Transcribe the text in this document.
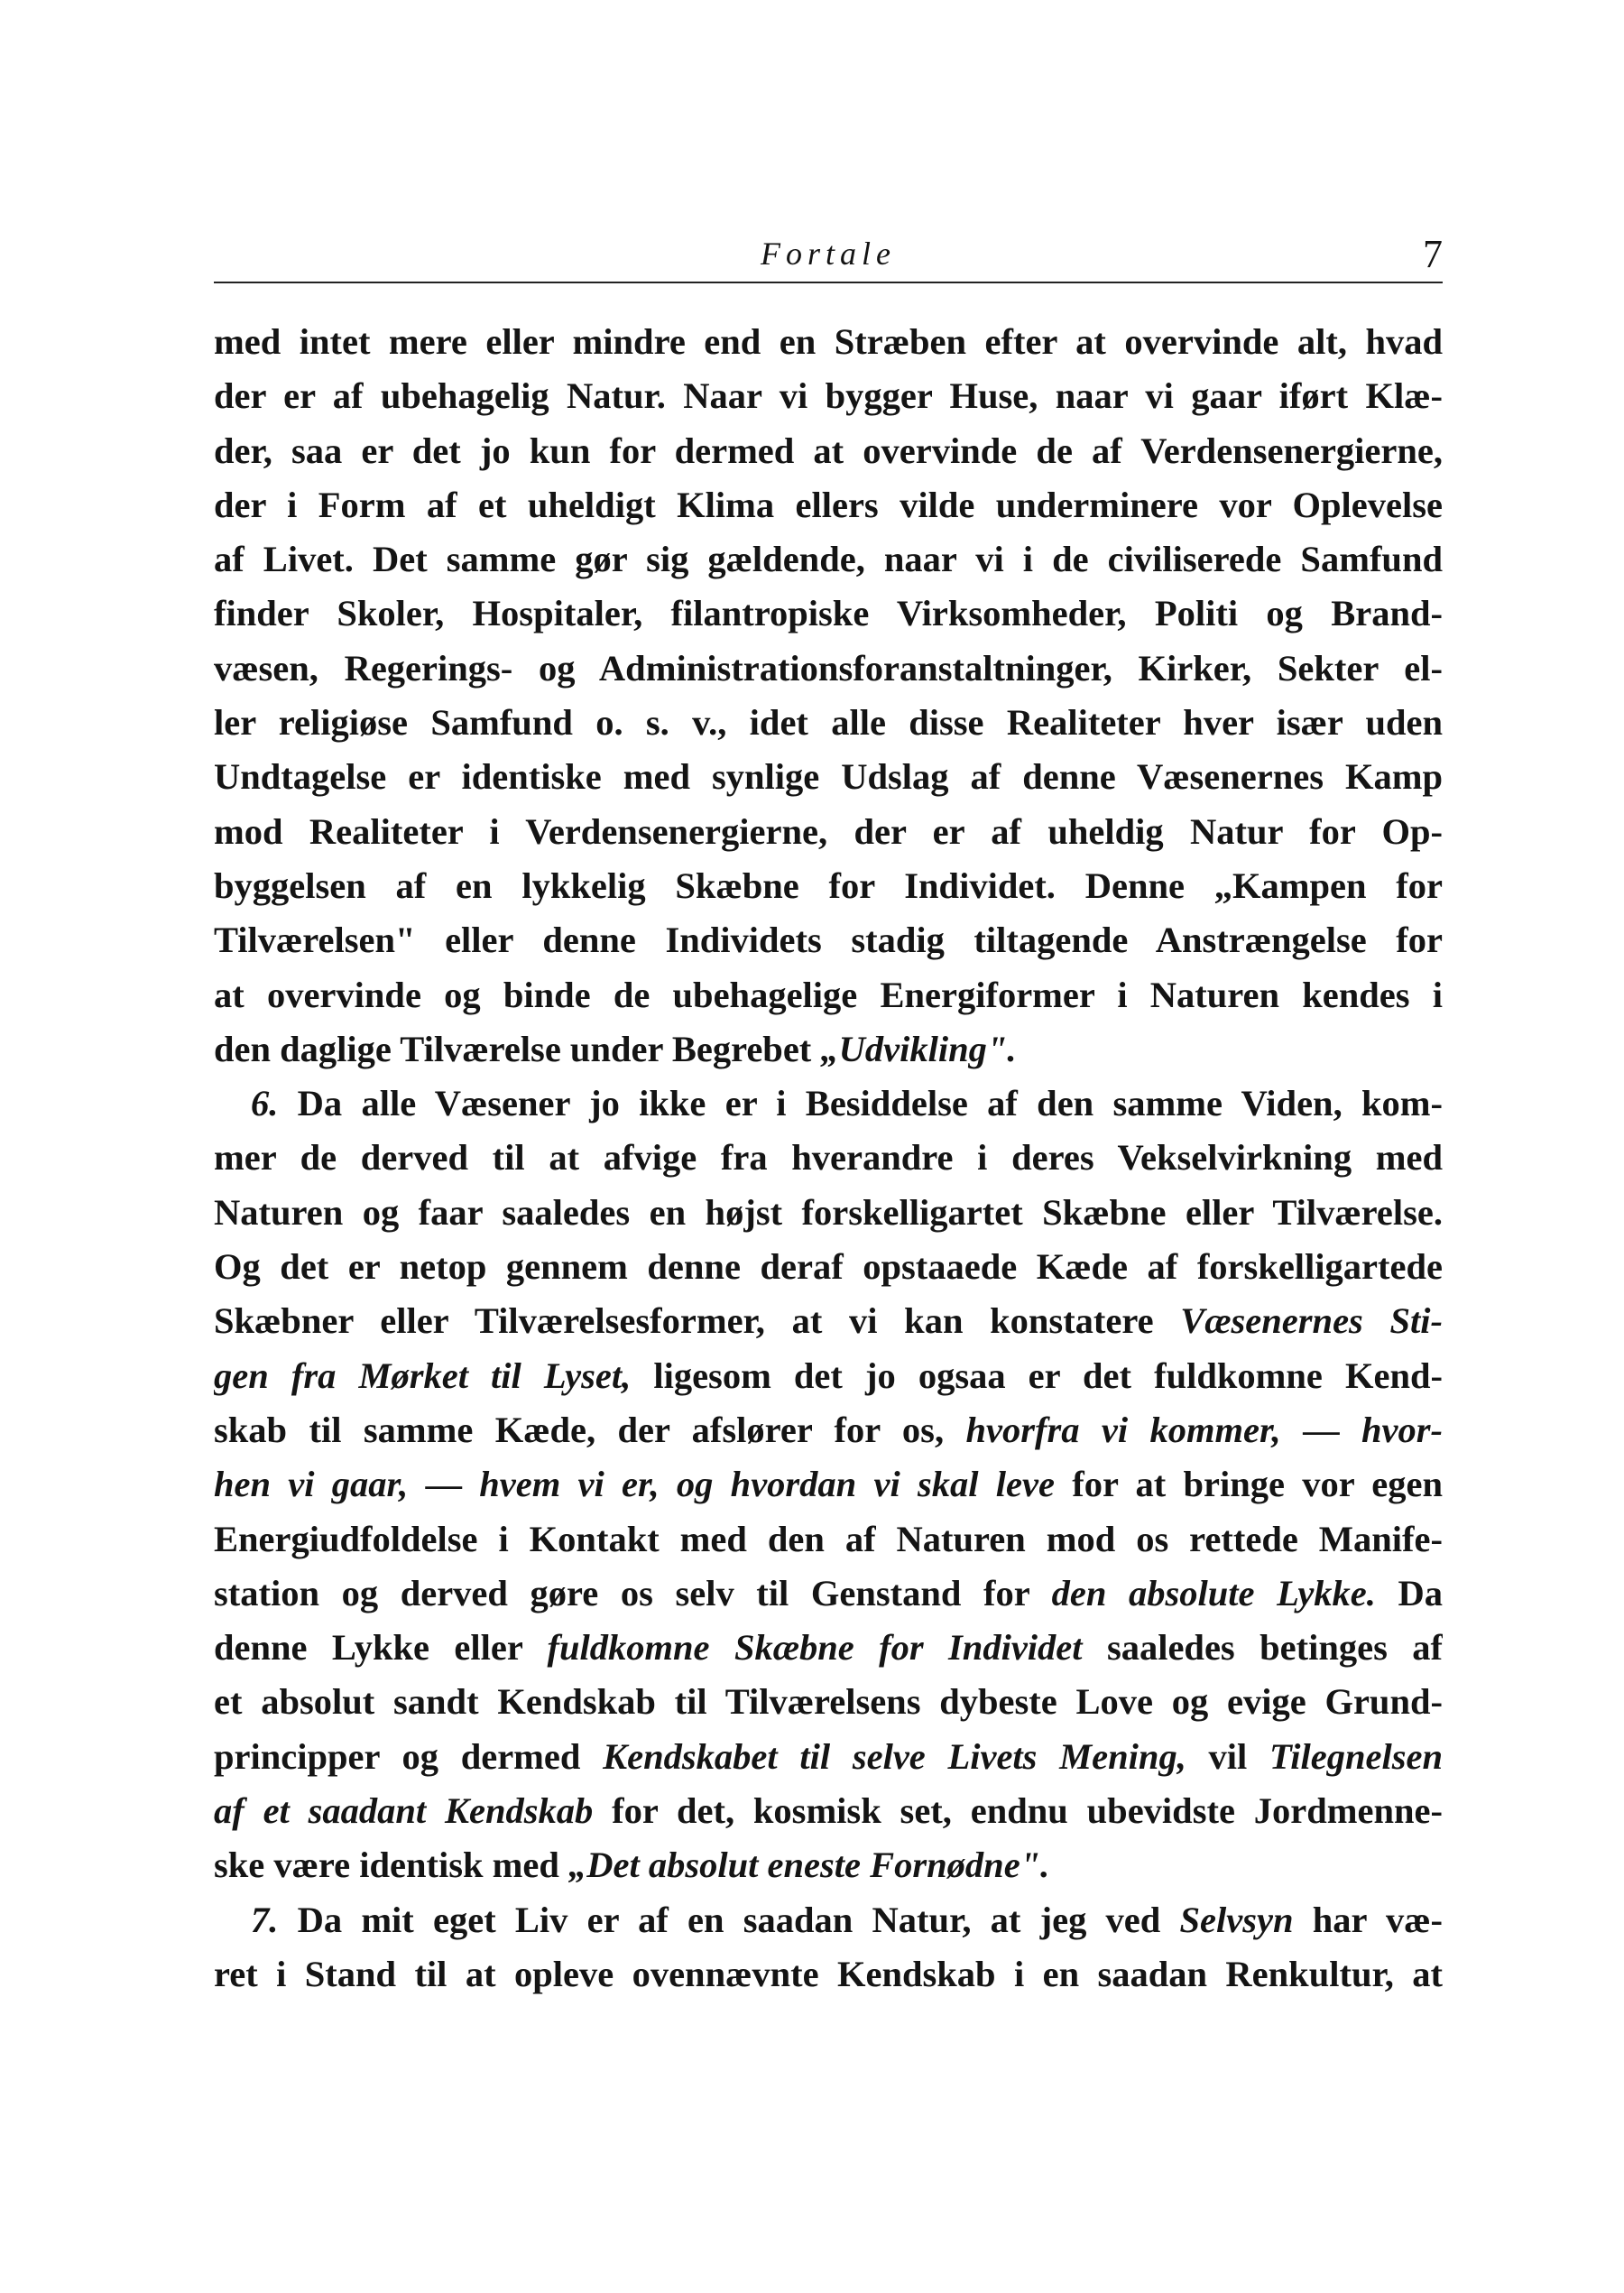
Fortale	7
med intet mere eller mindre end en Stræben efter at overvinde alt, hvad
der er af ubehagelig Natur. Naar vi bygger Huse, naar vi gaar iført Klæ-
der, saa er det jo kun for dermed at overvinde de af Verdensenergierne,
der i Form af et uheldigt Klima ellers vilde underminere vor Oplevelse
af Livet. Det samme gør sig gældende, naar vi i de civiliserede Samfund
finder Skoler, Hospitaler, filantropiske Virksomheder, Politi og Brand-
væsen, Regerings- og Administrationsforanstaltninger, Kirker, Sekter el-
ler religiøse Samfund o. s. v., idet alle disse Realiteter hver især uden
Undtagelse er identiske med synlige Udslag af denne Væsenernes Kamp
mod Realiteter i Verdensenergierne, der er af uheldig Natur for Op-
byggelsen af en lykkelig Skæbne for Individet. Denne „Kampen for
Tilværelsen" eller denne Individets stadig tiltagende Anstrængelse for
at overvinde og binde de ubehagelige Energiformer i Naturen kendes i
den daglige Tilværelse under Begrebet „Udvikling".
6. Da alle Væsener jo ikke er i Besiddelse af den samme Viden, kom-
mer de derved til at afvige fra hverandre i deres Vekselvirkning med
Naturen og faar saaledes en højst forskelligartet Skæbne eller Tilværelse.
Og det er netop gennem denne deraf opstaaede Kæde af forskelligartede
Skæbner eller Tilværelsesformer, at vi kan konstatere Væsenernes Sti-
gen fra Mørket til Lyset, ligesom det jo ogsaa er det fuldkomne Kend-
skab til samme Kæde, der afslører for os, hvorfra vi kommer, — hvor-
hen vi gaar, — hvem vi er, og hvordan vi skal leve for at bringe vor egen
Energiudfoldelse i Kontakt med den af Naturen mod os rettede Manife-
station og derved gøre os selv til Genstand for den absolute Lykke. Da
denne Lykke eller fuldkomne Skæbne for Individet saaledes betinges af
et absolut sandt Kendskab til Tilværelsens dybeste Love og evige Grund-
principper og dermed Kendskabet til selve Livets Mening, vil Tilegnelsen
af et saadant Kendskab for det, kosmisk set, endnu ubevidste Jordmenne-
ske være identisk med „Det absolut eneste Fornødne".
7. Da mit eget Liv er af en saadan Natur, at jeg ved Selvsyn har væ-
ret i Stand til at opleve ovennævnte Kendskab i en saadan Renkultur, at
